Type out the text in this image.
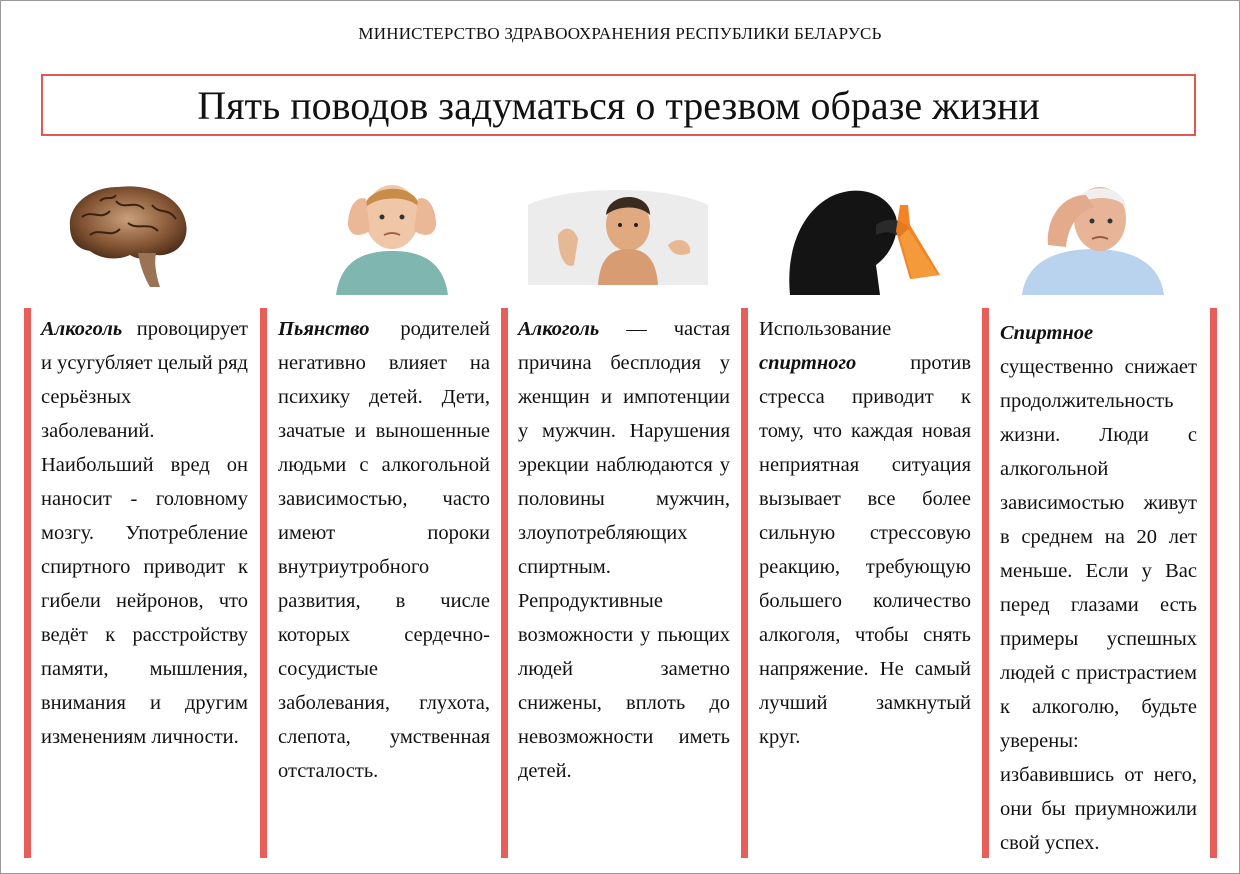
МИНИСТЕРСТВО ЗДРАВООХРАНЕНИЯ РЕСПУБЛИКИ БЕЛАРУСЬ
Пять поводов задуматься о трезвом образе жизни
Алкоголь провоцирует и усугубляет целый ряд серьёзных заболеваний. Наибольший вред он наносит - головному мозгу. Употребление спиртного приводит к гибели нейронов, что ведёт к расстройству памяти, мышления, внимания и другим изменениям личности.
Пьянство родителей негативно влияет на психику детей. Дети, зачатые и выношенные людьми с алкогольной зависимостью, часто имеют пороки внутриутробного развития, в числе которых сердечно-сосудистые заболевания, глухота, слепота, умственная отсталость.
Алкоголь — частая причина бесплодия у женщин и импотенции у мужчин. Нарушения эрекции наблюдаются у половины мужчин, злоупотребляющих спиртным. Репродуктивные возможности у пьющих людей заметно снижены, вплоть до невозможности иметь детей.
Использование спиртного против стресса приводит к тому, что каждая новая неприятная ситуация вызывает все более сильную стрессовую реакцию, требующую большего количество алкоголя, чтобы снять напряжение. Не самый лучший замкнутый круг.
Спиртное существенно снижает продолжительность жизни. Люди с алкогольной зависимостью живут в среднем на 20 лет меньше. Если у Вас перед глазами есть примеры успешных людей с пристрастием к алкоголю, будьте уверены: избавившись от него, они бы приумножили свой успех.
